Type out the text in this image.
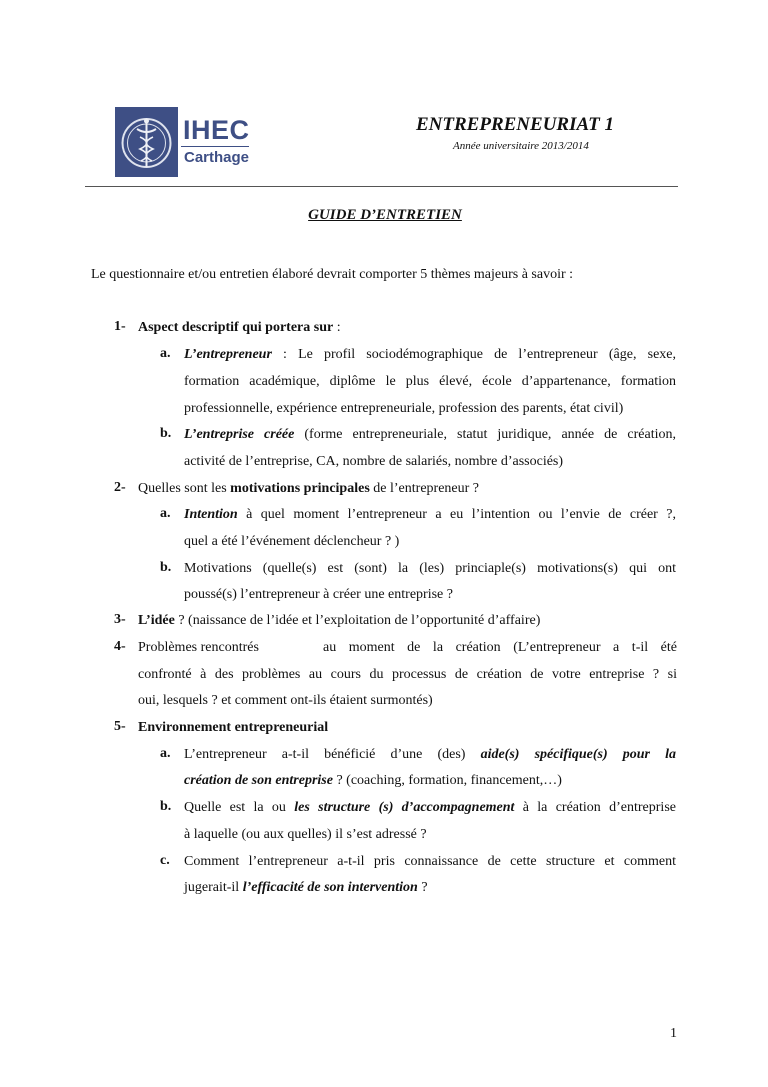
IHEC
Carthage
ENTREPRENEURIAT 1
Année universitaire 2013/2014
GUIDE D’ENTRETIEN
Le questionnaire et/ou entretien élaboré devrait comporter 5 thèmes majeurs à savoir :
1- Aspect descriptif qui portera sur :
a. L’entrepreneur : Le profil sociodémographique de l’entrepreneur (âge, sexe,
formation académique, diplôme le plus élevé, école d’appartenance, formation
professionnelle, expérience entrepreneuriale, profession des parents, état civil)
b. L’entreprise créée (forme entrepreneuriale, statut juridique, année de création,
activité de l’entreprise, CA, nombre de salariés, nombre d’associés)
2- Quelles sont les motivations principales de l’entrepreneur ?
a. Intention à quel moment l’entrepreneur a eu l’intention ou l’envie de créer ?,
quel a été l’événement déclencheur ? )
b. Motivations (quelle(s) est (sont) la (les) princiaple(s) motivations(s) qui ont
poussé(s) l’entrepreneur à créer une entreprise ?
3- L’idée ? (naissance de l’idée et l’exploitation de l’opportunité d’affaire)
4- Problèmes rencontrés	au moment de la création (L’entrepreneur a t-il été
confronté à des problèmes au cours du processus de création de votre entreprise ? si
oui, lesquels ? et comment ont-ils étaient surmontés)
5- Environnement entrepreneurial
a. L’entrepreneur a-t-il bénéficié d’une (des) aide(s) spécifique(s) pour la
création de son entreprise ? (coaching, formation, financement,…)
b. Quelle est la ou les structure (s) d’accompagnement à la création d’entreprise
à laquelle (ou aux quelles) il s’est adressé ?
c. Comment l’entrepreneur a-t-il pris connaissance de cette structure et comment
jugerait-il l’efficacité de son intervention ?
1
